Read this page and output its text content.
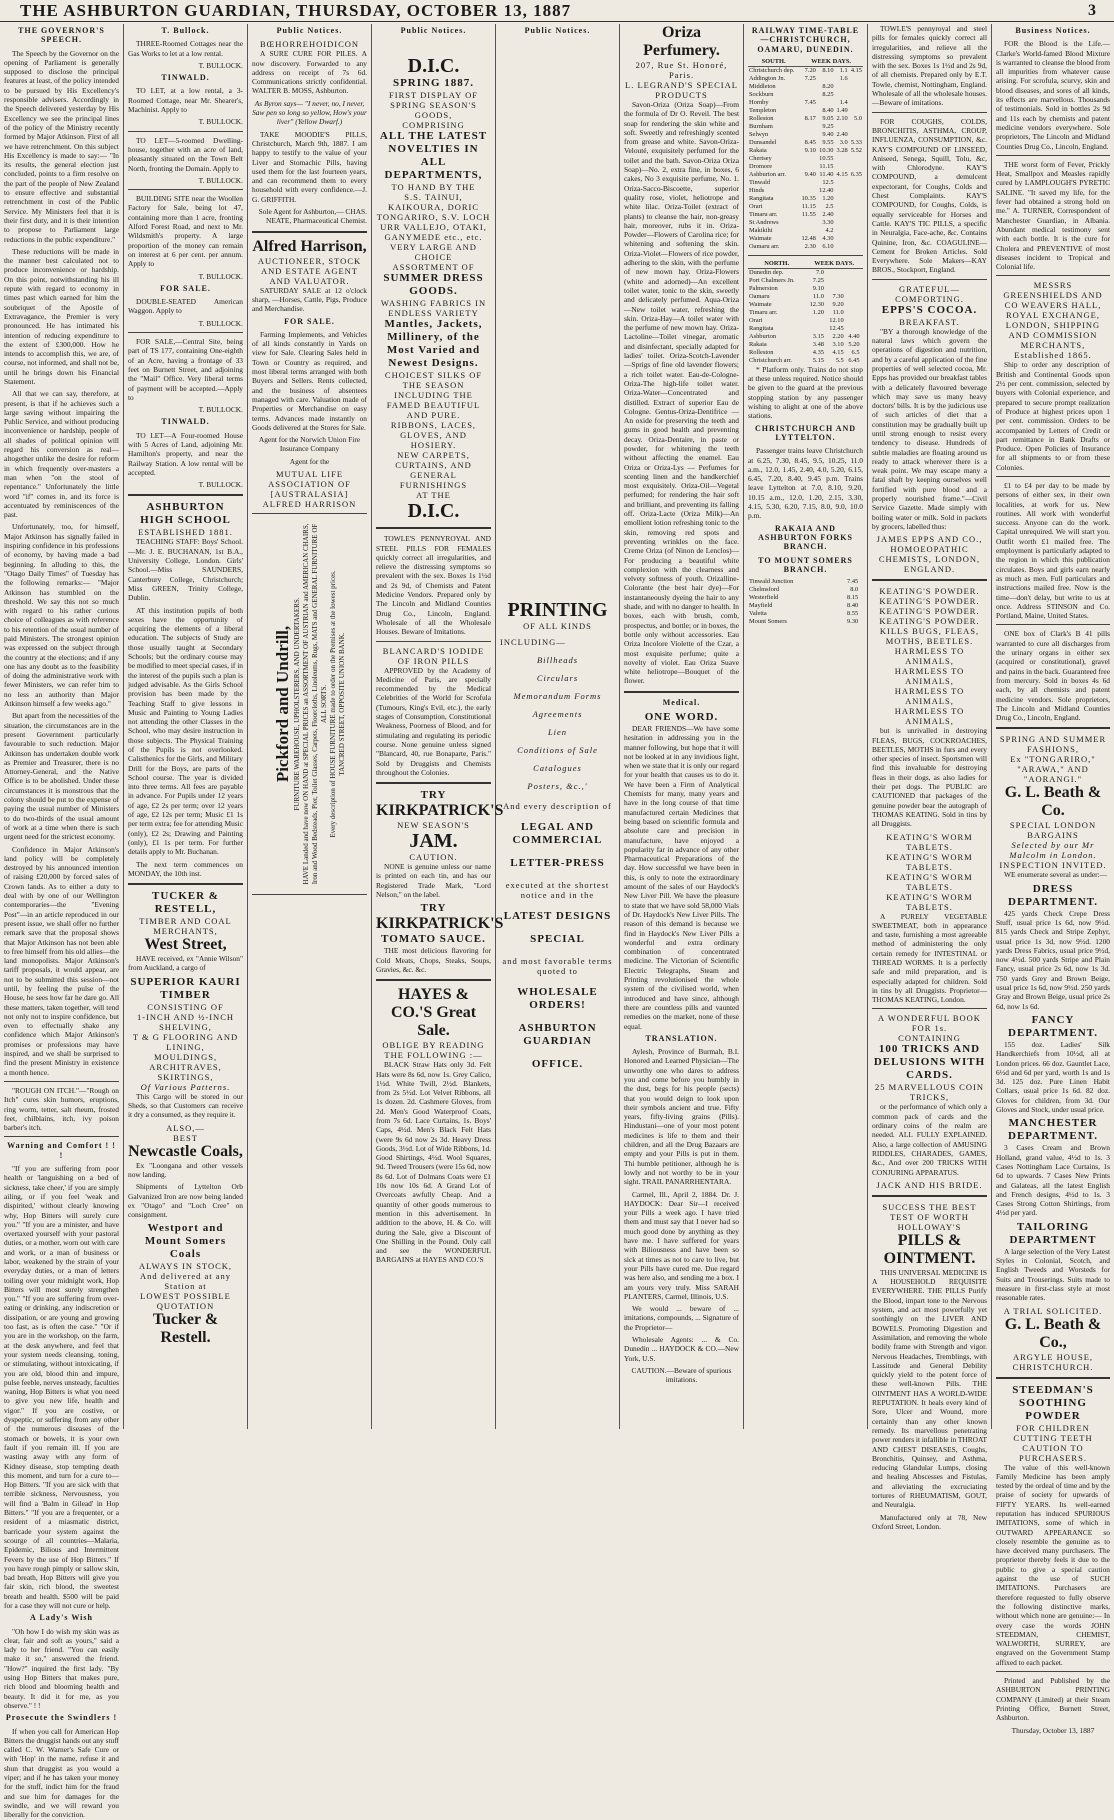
THE ASHBURTON GUARDIAN, THURSDAY, OCTOBER 13, 1887	3
THE GOVERNOR'S SPEECH.

The Speech by the Governor on the opening of Parliament is generally supposed to disclose the principal features at least, of the policy intended to be pursued by His Excellency's responsible advisers. Accordingly in the Speech delivered yesterday by His Excellency we see the principal lines of the policy of the Ministry recently formed by Major Atkinson. First of all we have retrenchment. On this subject His Excellency is made to say:— "In its results, the general election just concluded, points to a firm resolve on the part of the people of New Zealand to ensure effective and substantial retrenchment in cost of the Public Service. My Ministers feel that it is their first duty, and it is their intention to propose to Parliament large reductions in the public expenditure."

These reductions will be made in the manner best calculated not to produce inconvenience or hardship. On this point, notwithstanding his ill repute with regard to economy in times past which earned for him the soubriquet of the Apostle of Extravagance, the Premier is very pronounced. He has intimated his intention of reducing expenditure to the extent of £300,000. How he intends to accomplish this, we are, of course, not informed, and shall not be, until he brings down his Financial Statement.

All that we can say, therefore, at present, is that if he achieves such a large saving without impairing the Public Service, and without producing inconvenience or hardship, people of all shades of political opinion will regard his conversion as real—altogether unlike the desire for reform in which frequently over-masters a man when "on the stool of repentance." Unfortunately the little word "if" comes in, and its force is accentuated by reminiscences of the past.

Unfortunately, too, for himself, Major Atkinson has signally failed in inspiring confidence in his professions of economy, by having made a bad beginning. In alluding to this, the "Otago Daily Times" of Tuesday has the following remarks:— "Major Atkinson has stumbled on the threshold. We say this not so much with regard to his rather curious choice of colleagues as with reference to his retention of the usual number of paid Ministers. The strongest opinion was expressed on the subject through the country at the elections; and if any one has any doubt as to the feasibility of doing the administrative work with fewer Ministers, we can refer him to no less an authority than Major Atkinson himself a few weeks ago."

But apart from the necessities of the situation, the circumstances are in the present Government particularly favourable to such reduction. Major Atkinson has undertaken double work as Premier and Treasurer, there is no Attorney-General, and the Native Office is to be abolished. Under these circumstances it is monstrous that the colony should be put to the expense of paying the usual number of Ministers to do two-thirds of the usual amount of work at a time when there is such urgent need for the strictest economy.

Confidence in Major Atkinson's land policy will be completely destroyed by his announced intention of raising £20,000 by forced sales of Crown lands. As to either a duty to deal with by one of our Wellington contemporaries—the "Evening Post"—in an article reproduced in our present issue, we shall offer no further remark save that the proposal shows that Major Atkinson has not been able to free himself from his old allies—the land monopolists. Major Atkinson's tariff proposals, it would appear, are not to be submitted this session—not until, by feeling the pulse of the House, he sees how far he dare go. All these matters, taken together, will tend not only not to inspire confidence, but even to effectually shake any confidence which Major Atkinson's promises or professions may have inspired, and we shall be surprised to find the present Ministry in existence a month hence.

"ROUGH ON ITCH."—"Rough on Itch" cures skin humors, eruptions, ring worm, tetter, salt rheum, frosted feet, chilblains, itch, ivy poison barber's itch.

Warning and Comfort ! ! !

"If you are suffering from poor health or 'languishing on a bed of sickness, take cheer,' if you are simply ailing, or if you feel 'weak and dispirited,' without clearly knowing why, Hop Bitters will surely cure you." "If you are a minister, and have overtaxed yourself with your pastoral duties, or a mother, worn out with care and work, or a man of business or labor, weakened by the strain of your everyday duties, or a man of letters toiling over your midnight work, Hop Bitters will most surely strengthen you." "If you are suffering from over-eating or drinking, any indiscretion or dissipation, or are young and growing too fast, as is often the case." "Or if you are in the workshop, on the farm, at the desk anywhere, and feel that your system needs cleansing, toning, or stimulating, without intoxicating, if you are old, blood thin and impure, pulse feeble, nerves unsteady, faculties waning, Hop Bitters is what you need to give you new life, health and vigor." If you are costive, or dyspeptic, or suffering from any other of the numerous diseases of the stomach or bowels, it is your own fault if you remain ill. If you are wasting away with any form of Kidney disease, stop tempting death this moment, and turn for a cure to—Hop Bitters. "If you are sick with that terrible sickness, Nervousness, you will find a 'Balm in Gilead' in Hop Bitters." "If you are a frequenter, or a resident of a miasmatic district, barricade your system against the scourge of all countries—Malaria, Epidemic, Bilious and Intermittent Fevers by the use of Hop Bitters." If you have rough pimply or sallow skin, bad breath, Hop Bitters will give you fair skin, rich blood, the sweetest breath and health. $500 will be paid for a case they will not cure or help.

A Lady's Wish

"Oh how I do wish my skin was as clear, fair and soft as yours," said a lady to her friend. "You can easily make it so," answered the friend. "How?" inquired the first lady. "By using Hop Bitters that makes pure, rich blood and blooming health and beauty. It did it for me, as you observe." ! !

Prosecute the Swindlers !

If when you call for American Hop Bitters the druggist hands out any stuff called C. W. Warner's Safe Cure or with 'Hop' in the name, refuse it and shun that druggist as you would a viper; and if he has taken your money for the stuff, indict him for the fraud and sue him for damages for the swindle, and we will reward you liberally for the conviction.

T. Bullock.

THREE-Roomed Cottages near the Gas Works to let at a low rental.

T. BULLOCK.

TINWALD.

TO LET, at a low rental, a 3-Roomed Cottage, near Mr. Shearer's, Machinist. Apply to

T. BULLOCK.

TO LET—5-roomed Dwelling-house, together with an acre of land, pleasantly situated on the Town Belt North, fronting the Domain. Apply to

T. BULLOCK.

BUILDING SITE near the Woollen Factory for Sale, being lot 47, containing more than 1 acre, fronting Alford Forest Road, and next to Mr. Wildsmith's property. A large proportion of the money can remain on interest at 6 per cent. per annum. Apply to

T. BULLOCK.

FOR SALE.

DOUBLE-SEATED American Waggon. Apply to

T. BULLOCK.

FOR SALE,—Central Site, being part of TS 177, containing One-eighth of an Acre, having a frontage of 33 feet on Burnett Street, and adjoining the "Mail" Office. Very liberal terms of payment will be accepted.—Apply to

T. BULLOCK.

TINWALD.

TO LET—A Four-roomed House with 5 Acres of Land, adjoining Mr. Hamilton's property, and near the Railway Station. A low rental will be accepted.

T. BULLOCK.

ASHBURTON HIGH SCHOOL
ESTABLISHED 1881.

TEACHING STAFF: Boys' School.—Mr. J. E. BUCHANAN, 1st B.A., University College, London. Girls' School.—Miss SAUNDERS, Canterbury College, Christchurch; Miss GREEN, Trinity College, Dublin.

AT this institution pupils of both sexes have the opportunity of acquiring the elements of a liberal education. The subjects of Study are those usually taught at Secondary Schools; but the ordinary course may be modified to meet special cases, if in the interest of the pupils such a plan is judged advisable. As the Girls School provision has been made by the Teaching Staff to give lessons in Music and Painting to Young Ladies not attending the other Classes in the School, who may desire instruction in those subjects. The Physical Training of the Pupils is not overlooked. Calisthenics for the Girls, and Military Drill for the Boys, are parts of the School course. The year is divided into three terms. All fees are payable in advance. For Pupils under 12 years of age, £2 2s per term; over 12 years of age, £2 12s per term; Music £1 1s per term extra; fee for attending Music (only), £2 2s; Drawing and Painting (only), £1 1s per term. For further details apply to Mr. Buchanan.

The next term commences on MONDAY, the 10th inst.

TUCKER & RESTELL,
TIMBER AND COAL MERCHANTS,
West Street,

HAVE received, ex "Annie Wilson" from Auckland, a cargo of

SUPERIOR KAURI TIMBER
CONSISTING OF
1-INCH AND ½-INCH SHELVING,
T & G FLOORING AND LINING,
MOULDINGS, ARCHITRAVES, SKIRTINGS,
Of Various Patterns.

This Cargo will be stored in our Sheds, so that Customers can receive it dry a consumed, as they require it.

ALSO,—
BEST
Newcastle Coals,

Ex "Loongana and other vessels now landing.

Shipments of Lyttelton Orb Galvanized Iron are now being landed ex "Otago" and "Loch Cree" on consignment.

Westport and Mount Somers Coals
ALWAYS IN STOCK,
And delivered at any Station at
LOWEST POSSIBLE QUOTATION
Tucker & Restell.
Public Notices.
BŒHORREHOIDICON

A SURE CURE FOR PILES. A now discovery. Forwarded to any address on receipt of 7s 6d. Communications strictly confidential. WALTER B. MOSS, Ashburton.

As Byron says— "I never, no, I never, Saw pen so long so yellow, How's your liver" (Yellow Dwarf.)

TAKE MOODIE'S PILLS, Christchurch, March 9th, 1887. I am happy to testify to the value of your Liver and Stomachic Pills, having used them for the last fourteen years, and can recommend them to every household with every confidence.—J. G. GRIFFITH.

Sole Agent for Ashburton,— CHAS. NEATE, Pharmaceutical Chemist.

Alfred Harrison,
AUCTIONEER, STOCK AND ESTATE AGENT AND VALUATOR.

SATURDAY SALE at 12 o'clock sharp, —Horses, Cattle, Pigs, Produce and Merchandise.

FOR SALE.

Farming Implements, and Vehicles of all kinds constantly in Yards on view for Sale. Clearing Sales held in Town or Country as required, and most liberal terms arranged with both Buyers and Sellers. Rents collected, and the business of absentees managed with care. Valuation made of Properties or Merchandise on easy terms. Advances made instantly on Goods delivered at the Stores for Sale.

Agent for the Norwich Union Fire Insurance Company

Agent for the

MUTUAL LIFE ASSOCIATION OF [AUSTRALASIA]
ALFRED HARRISON
Pickford and Undrill, FURNITURE WAREHOUSE, UPHOLSTERERS, AND UNDERTAKERS. HAVE Landed and have now ON HAND at SPECIAL PRICES an ASSORTMENT OF AUSTRIAN and AMERICAN CHAIRS, Iron and Wood Bedsteads, Pier, Toilet Glasses, Carpets, Floorcloths, Linoleums, Rugs, MATS and GENERAL FURNITURE OF ALL SORTS. Every description of HOUSE FURNITURE made to order on the Premises at the lowest prices. TANCRED STREET, OPPOSITE UNION BANK.
Public Notices.
D.I.C.
SPRING 1887.
FIRST DISPLAY OF SPRING SEASON'S GOODS,
COMPRISING
ALL THE LATEST
NOVELTIES IN ALL
DEPARTMENTS,
TO HAND BY THE
S.S. TAINUI, KAIKOURA, DORIC TONGARIRO, S.V. LOCH URR VALLEJO, OTAKI, GANYMEDE etc., etc.
VERY LARGE AND CHOICE
ASSORTMENT OF
SUMMER DRESS GOODS.
WASHING FABRICS IN ENDLESS VARIETY
Mantles, Jackets, Millinery, of the Most Varied and Newest Designs.
CHOICEST SILKS OF THE SEASON INCLUDING THE FAMED BEAUTIFUL AND PURE.
RIBBONS, LACES, GLOVES, AND HOSIERY.
NEW CARPETS, CURTAINS, AND GENERAL FURNISHINGS
AT THE
D.I.C.

TOWLE'S PENNYROYAL AND STEEL PILLS FOR FEMALES quickly correct all irregularities, and relieve the distressing symptoms so prevalent with the sex. Boxes 1s 1½d and 2s 9d, of Chemists and Patent Medicine Vendors. Prepared only by The Lincoln and Midland Counties Drug Co., Lincoln, England. Wholesale of all the Wholesale Houses. Beware of Imitations.

BLANCARD'S IODIDE OF IRON PILLS

APPROVED by the Academy of Medicine of Paris, are specially recommended by the Medical Celebrities of the World for Scrofula (Tumours, King's Evil, etc.), the early stages of Consumption, Constitutional Weakness, Poorness of Blood, and for stimulating and regulating its periodic course. None genuine unless signed "Blancard, 40, rue Bonaparte, Paris." Sold by Druggists and Chemists throughout the Colonies.

TRY
KIRKPATRICK'S
NEW SEASON'S
JAM.
CAUTION.

NONE is genuine unless our name is printed on each tin, and has our Registered Trade Mark, "Lord Nelson," on the label.

TRY
KIRKPATRICK'S
TOMATO SAUCE.

THE most delicious flavoring for Cold Meats, Chops, Steaks, Soups, Gravies, &c. &c.

HAYES & CO.'S Great Sale.
OBLIGE BY READING THE FOLLOWING :—

BLACK Straw Hats only 3d. Felt Hats were 8s 6d, now 1s. Grey Calico, 1½d. White Twill, 2½d. Blankets, from 2s 5½d. Lot Velvet Ribbons, all 1s dozen. 2d. Cashmere Gloves, from 2d. Men's Good Waterproof Coats, from 7s 6d. Lace Curtains, 1s. Boys' Caps, 4½d. Men's Black Felt Hats (were 9s 6d now 2s 3d. Heavy Dress Goods, 3½d. Lot of Wide Ribbons, 1d. Good Shirtings, 4½d. Wool Squares, 9d. Tweed Trousers (were 15s 6d, now 8s 6d. Lot of Dolmans Coats were £1 10s now 10s 6d. A Grand Lot of Overcoats awfully Cheap. And a quantity of other goods numerous to mention in this advertisement. In addition to the above, H. & Co. will during the Sale, give a Discount of One Shilling in the Pound. Only call and see the WONDERFUL BARGAINS at HAYES AND CO.'S

Public Notices.
PRINTING
OF ALL KINDS
INCLUDING—
Billheads
Circulars
Memorandum Forms
Agreements
Lien
Conditions of Sale
Catalogues
Posters, &c.,'
And every description of
LEGAL AND COMMERCIAL
LETTER-PRESS
executed at the shortest notice and in the
LATEST DESIGNS
SPECIAL
and most favorable terms quoted to
WHOLESALE ORDERS!
ASHBURTON GUARDIAN
OFFICE.
Oriza Perfumery.
207, Rue St. Honoré, Paris.
L. LEGRAND'S SPECIAL PRODUCTS

Savon-Oriza (Oriza Soap)—From the formula of Dr O. Reveil. The best soap for rendering the skin white and soft. Sweetly and refreshingly scented from grease and white. Savon-Oriza-Velouté, exquisitely perfumed for the toilet and the bath. Savon-Oriza Oriza Soap)—No. 2, extra fine, in boxes, 6 cakes, No 3 exquisite perfume, No. 1. Oriza-Sacco-Biscoette, superior quality rose, violet, heliotrope and white lilac. Oriza-Toilet (extract of plants) to cleanse the hair, non-greasy hair, moreover, rubs it in. Oriza-Powder—Flowers of Carolina rice; for whitening and softening the skin. Oriza-Violet—Flowers of rice powder, adhering to the skin, with the perfume of new mown hay. Oriza-Flowers (white and adorned)—An excellent toilet water, tonic to the skin, sweetly and delicately perfumed. Aqua-Oriza—New toilet water, refreshing the skin. Oriza-Hay—A toilet water with the perfume of new mown hay. Oriza-Lactoline—Toilet vinegar, aromatic and disinfectant, specially adapted for ladies' toilet. Oriza-Scotch-Lavender—Sprigs of fine old lavender flowers; a rich toilet water. Eau-de-Cologne-Oriza-The high-life toilet water. Oriza-Water—Concentrated and distilled. Extract of superior Eau de Cologne. Gentus-Oriza-Dentifrice — An oxide for preserving the teeth and gums in good health and preventing decay. Oriza-Dentaire, in paste or powder, for whitening the teeth without affecting the enamel. Eau Oriza or Oriza-Lys — Perfumes for scenting linen and the handkerchief most exquisitely. Oriza-Oil—Vegetal perfumed; for rendering the hair soft and brilliant, and preventing its falling off. Oriza-Lacte (Oriza Milk)—An emollient lotion refreshing tonic to the skin, removing red spots and preventing wrinkles on the face. Creme Oriza (of Ninon de Lenclos)—For producing a beautiful white complexion with the clearness and velvety softness of youth. Orizalline-Colorante (the best hair dye)—For instantaneously dyeing the hair to any shade, and with no danger to health. In boxes, each with brush, comb, prospectus, and bottle; or in boxes, the bottle only without accessories. Eau Oriza Incolore Violette of the Czar, a most exquisite perfume; quite a novelty of violet. Eau Oriza Suave white heliotrope—Bouquet of the flower.

Medical.
ONE WORD.

DEAR FRIENDS—We have some hesitation in addressing you in the manner following, but hope that it will not be looked at in any invidious light, when we state that it is only our regard for your health that causes us to do it. We have been a Firm of Analytical Chemists for many, many years and have in the long course of that time manufactured certain Medicines that being based on scientific formula and absolute care and precision in manufacture, have enjoyed a popularity far in advance of any other Pharmaceutical Preparations of the day. How successful we have been in this, is only to note the extraordinary amount of the sales of our Haydock's New Liver Pill. We have the pleasure to state that we have sold 58,000 Vials of Dr. Haydock's New Liver Pills. The reason of this demand is because we find in Haydock's New Liver Pills a wonderful and extra ordinary combination of concentrated medicine. The Victorian of Scientific Electric Telegraphs, Steam and Printing revolutionised the whole system of the civilised world, when introduced and have since, although there are countless pills and vaunted remedies on the market, none of these equal.

TRANSLATION.

Aylesh, Province of Burmah, B.I. Honored and Learned Physician—The unworthy one who dares to address you and come before you humbly in the dust, begs for his people (sects) that you would deign to look upon their symbols ancient and true. Fifty years, fifty-living grains (Pills). Hindustani—one of your most potent medicines is life to them and their children, and all the Drug Bazaars are empty and your Pills is put in them. Thi humble petitioner, although he is lowly and not worthy to be in your sight. TRAIL PANARRHENTARA.

Carmel, Ill., April 2, 1884. Dr. J. HAYDOCK: Dear Sir—I received your Pills a week ago. I have tried them and must say that I never had so much good done by anything as they have me. I have suffered for years with Biliousness and have been so sick at times as not to care to live, but your Pills have cured me. Due regard was here also, and sending me a box. I am yours very truly. Miss SARAH PLANTERS, Carmel, Illinois, U.S.

We would ... beware of ... imitations, compounds, ... Signature of the Proprietor—

Wholesale Agents: ... & Co. Dunedin ... HAYDOCK & CO.—New York, U.S.

CAUTION.—Beware of spurious imitations.

RAILWAY TIME-TABLE—CHRISTCHURCH, OAMARU, DUNEDIN.
SOUTH.	WEEK DAYS.			
Christchurch dep.	7.20	8.10	1.1	4.15
Addington Jn.	7.25		1.6	
Middleton		8.20		
Sockburn		8.25		
Hornby	7.45		1.4	
Templeton		8.40	1.49	
Rolleston	8.17	9.05	2.10	5.0
Burnham		9.25		
Selwyn		9.40	2.40	
Dunsandel	8.45	9.55	3.0	5.33
Rakaia	9.10	10.30	3.28	5.52
Chertsey		10.55		
Dromore		11.15		
Ashburton arr.	9.40	11.40	4.15	6.35
Tinwald		12.5		
Hinds		12.40		
Rangitata	10.35	1.20		
Orari	11.15	2.5		
Timaru arr.	11.55	2.40		
St Andrews		3.30		
Makikihi		4.2		
Waimate	12.48	4.30		
Oamaru arr.	2.30	6.10		
NORTH.	WEEK DAYS.			
Dunedin dep.	7.0			
Port Chalmers Jn.	7.25			
Palmerston	9.10			
Oamaru	11.0	7.30		
Waimate	12.30	9.20		
Timaru arr.	1.20	11.0		
Orari		12.10		
Rangitata		12.45		
Ashburton	3.15	2.20	4.40	
Rakaia	3.48	3.10	5.20	
Rolleston	4.35	4.15	6.5	
Christchurch arr.	5.15	5.5	6.45	

* Platform only. Trains do not stop at these unless required. Notice should be given to the guard at the previous stopping station by any passenger wishing to alight at one of the above stations.

CHRISTCHURCH AND LYTTELTON.

Passenger trains leave Christchurch at 6.25, 7.30, 8.45, 9.5, 10.25, 11.0 a.m., 12.0, 1.45, 2.40, 4.0, 5.20, 6.15, 6.45, 7.20, 8.40, 9.45 p.m. Trains leave Lyttelton at 7.0, 8.10, 9.20, 10.15 a.m., 12.0, 1.20, 2.15, 3.30, 4.15, 5.30, 6.20, 7.15, 8.0, 9.0, 10.0 p.m.

RAKAIA AND ASHBURTON FORKS BRANCH.
TO MOUNT SOMERS BRANCH.
Tinwald Junction	7.45	
Chelmsford	8.0	
Westerfield	8.15	
Mayfield	8.40	
Valetta	8.55	
Mount Somers	9.30	

TOWLE'S pennyroyal and steel pills for females quickly correct all irregularities, and relieve all the distressing symptoms so prevalent with the sex. Boxes 1s 1½d and 2s 9d, of all chemists. Prepared only by E.T. Towle, chemist, Nottingham, England. Wholesale of all the wholesale houses.—Beware of imitations.

FOR COUGHS, COLDS, BRONCHITIS, ASTHMA, CROUP, INFLUENZA, CONSUMPTION, &c. KAY'S COMPOUND OF LINSEED, Aniseed, Senega, Squill, Tolu, &c, with Chlorodyne. KAY'S COMPOUND, a demulcent expectorant, for Coughs, Colds and Chest Complaints. KAY'S COMPOUND, for Coughs, Colds, is equally serviceable for Horses and Cattle. KAY'S TIC PILLS, a specific in Neuralgia, Face-ache, &c. Contains Quinine, Iron, &c. COAGULINE—Cement for Broken Articles. Sold Everywhere. Sole Makers—KAY BROS., Stockport, England.

GRATEFUL—COMFORTING.
EPPS'S COCOA.
BREAKFAST.

"BY a thorough knowledge of the natural laws which govern the operations of digestion and nutrition, and by a careful application of the fine properties of well selected cocoa, Mr. Epps has provided our breakfast tables with a delicately flavoured beverage which may save us many heavy doctors' bills. It is by the judicious use of such articles of diet that a constitution may be gradually built up until strong enough to resist every tendency to disease. Hundreds of subtle maladies are floating around us ready to attack wherever there is a weak point. We may escape many a fatal shaft by keeping ourselves well fortified with pure blood and a properly nourished frame."—Civil Service Gazette. Made simply with boiling water or milk. Sold in packets by grocers, labelled thus:

JAMES EPPS AND CO., HOMOEOPATHIC CHEMISTS, LONDON, ENGLAND.
KEATING'S POWDER.
KEATING'S POWDER.
KEATING'S POWDER.
KEATING'S POWDER.
KILLS BUGS, FLEAS, MOTHS, BEETLES.
HARMLESS TO ANIMALS,
HARMLESS TO ANIMALS,
HARMLESS TO ANIMALS,
HARMLESS TO ANIMALS,

but is unrivalled in destroying FLEAS, BUGS, COCKROACHES, BEETLES, MOTHS in furs and every other species of insect. Sportsmen will find this invaluable for destroying fleas in their dogs, as also ladies for their pet dogs. The PUBLIC are CAUTIONED that packages of the genuine powder bear the autograph of THOMAS KEATING. Sold in tins by all Druggists.

KEATING'S WORM TABLETS.
KEATING'S WORM TABLETS.
KEATING'S WORM TABLETS.
KEATING'S WORM TABLETS.

A PURELY VEGETABLE SWEETMEAT, both in appearance and taste, furnishing a most agreeable method of administering the only certain remedy for INTESTINAL or THREAD WORMS. It is a perfectly safe and mild preparation, and is especially adapted for children. Sold in tins by all Druggists. Proprietor—THOMAS KEATING, London.

A WONDERFUL BOOK FOR 1s.
CONTAINING
100 TRICKS AND DELUSIONS WITH CARDS.
25 MARVELLOUS COIN TRICKS,

or the performance of which only a common pack of cards and the ordinary coins of the realm are needed. ALL FULLY EXPLAINED. Also, a large collection of AMUSING RIDDLES, CHARADES, GAMES, &c., And over 200 TRICKS WITH CONJURING APPARATUS.

JACK AND HIS BRIDE.
SUCCESS THE BEST TEST OF WORTH
HOLLOWAY'S
PILLS & OINTMENT.

THIS UNIVERSAL MEDICINE IS A HOUSEHOLD REQUISITE EVERYWHERE. THE PILLS Purify the Blood, impart tone to the Nervous system, and act most powerfully yet soothingly on the LIVER AND BOWELS. Promoting Digestion and Assimilation, and removing the whole bodily frame with Strength and vigor. Nervous Headaches, Tremblings, with Lassitude and General Debility quickly yield to the potent force of these well-known Pills. THE OINTMENT HAS A WORLD-WIDE REPUTATION. It heals every kind of Sore, Ulcer and Wound, more certainly than any other known remedy. Its marvellous penetrating power renders it infallible in THROAT AND CHEST DISEASES, Coughs, Bronchitis, Quinsey, and Asthma, reducing Glandular Lumps, closing and healing Abscesses and Fistulas, and alleviating the excruciating tortures of RHEUMATISM, GOUT, and Neuralgia.

Manufactured only at 78, New Oxford Street, London.

Business Notices.

FOR the Blood is the Life.—Clarke's World-famed Blood Mixture is warranted to cleanse the blood from all impurities from whatever cause arising. For scrofula, scurvy, skin and blood diseases, and sores of all kinds, its effects are marvellous. Thousands of testimonials. Sold in bottles 2s 9d and 11s each by chemists and patent medicine vendors everywhere. Sole proprietors, The Lincoln and Midland Counties Drug Co., Lincoln, England.

THE worst form of Fever, Prickly Heat, Smallpox and Measles rapidly cured by LAMPLOUGH'S PYRETIC SALINE. "It saved my life, for the fever had obtained a strong hold on me." A. TURNER, Correspondent of Manchester Guardian, in Albania. Abundant medical testimony sent with each bottle. It is the cure for Cholera and PREVENTIVE of most diseases incident to Tropical and Colonial life.

MESSRS GREENSHIELDS AND CO WEAVERS HALL, ROYAL EXCHANGE, LONDON, SHIPPING AND COMMISSION MERCHANTS, Established 1865.

Ship to order any description of British and Continental Goods upon 2½ per cent. commission, selected by buyers with Colonial experience, and prepared to secure prompt realization of Produce at highest prices upon 1 per cent. commission. Orders to be accompanied by Letters of Credit or part remittance in Bank Drafts or Produce. Open Policies of Insurance for all shipments to or from these Colonies.

£1 to £4 per day to be made by persons of either sex, in their own localities, at work for us. New routines. All work with wonderful success. Anyone can do the work. Capital unrequired. We will start you. Outfit worth £1 mailed free. The employment is particularly adapted to the region in which this publication circulates. Boys and girls earn nearly as much as men. Full particulars and instructions mailed free. Now is the time—don't delay, but write to us at once. Address STINSON and Co. Portland, Maine, United States.

ONE box of Clark's B 41 pills warranted to cure all discharges from the urinary organs in either sex (acquired or constitutional), gravel and pains in the back. Guaranteed free from mercury. Sold in boxes 4s 6d each, by all chemists and patent medicine vendors. Sole proprietors, The Lincoln and Midland Counties Drug Co., Lincoln, England.

SPRING AND SUMMER FASHIONS,
Ex "TONGARIRO," "ARAWA," AND "AORANGI."
G. L. Beath & Co.
SPECIAL LONDON BARGAINS
Selected by our Mr Malcolm in London.
INSPECTION INVITED.

WE enumerate several as under:—

DRESS DEPARTMENT.

425 yards Check Crepe Dress Stuff, usual price 1s 6d, now 9½d. 815 yards Check and Stripe Zephyr, usual price 1s 3d, now 9½d. 1200 yards Dress Fabrics, usual price 9½d, now 4½d. 500 yards Stripe and Plain Fancy, usual price 2s 6d, now 1s 3d. 750 yards Grey and Brown Beige, usual price 1s 6d, now 9½d. 250 yards Gray and Brown Beige, usual price 2s 6d, now 1s 6d.

FANCY DEPARTMENT.

155 doz. Ladies' Silk Handkerchiefs from 10½d, all at London prices. 66 doz. Gauntlet Lace, 6½d and 6d per yard, worth 1s and 1s 3d. 125 doz. Pure Linen Habit Collars, usual price 1s 6d. 82 doz. Gloves for children, from 3d. Our Gloves and Stock, under usual price.

MANCHESTER DEPARTMENT.

3 Cases Cream and Brown Holland, grand value, 4½d to 1s. 3 Cases Nottingham Lace Curtains, 1s 6d to upwards. 7 Cases New Prints and Galateas, all the latest English and French designs, 4½d to 1s. 3 Cases Strong Cotton Shirtings, from 4½d per yard.

TAILORING DEPARTMENT

A large selection of the Very Latest Styles in Colonial, Scotch, and English Tweeds and Worsteds for Suits and Trouserings. Suits made to measure in first-class style at most reasonable rates.

A TRIAL SOLICITED.
G. L. Beath & Co.,
ARGYLE HOUSE,
CHRISTCHURCH.
STEEDMAN'S SOOTHING POWDER
FOR CHILDREN CUTTING TEETH
CAUTION TO PURCHASERS.

The value of this well-known Family Medicine has been amply tested by the ordeal of time and by the praise of society for upwards of FIFTY YEARS. Its well-earned reputation has induced SPURIOUS IMITATIONS, some of which in OUTWARD APPEARANCE so closely resemble the genuine as to have deceived many purchasers. The proprietor thereby feels it due to the public to give a special caution against the use of SUCH IMITATIONS. Purchasers are therefore requested to fully observe the following distinctive marks, without which none are genuine:— In every case the words JOHN STEEDMAN, CHEMIST, WALWORTH, SURREY, are engraved on the Government Stamp affixed to each packet.

Printed and Published by the ASHBURTON PRINTING COMPANY (Limited) at their Steam Printing Office, Burnett Street, Ashburton.

Thursday, October 13, 1887
